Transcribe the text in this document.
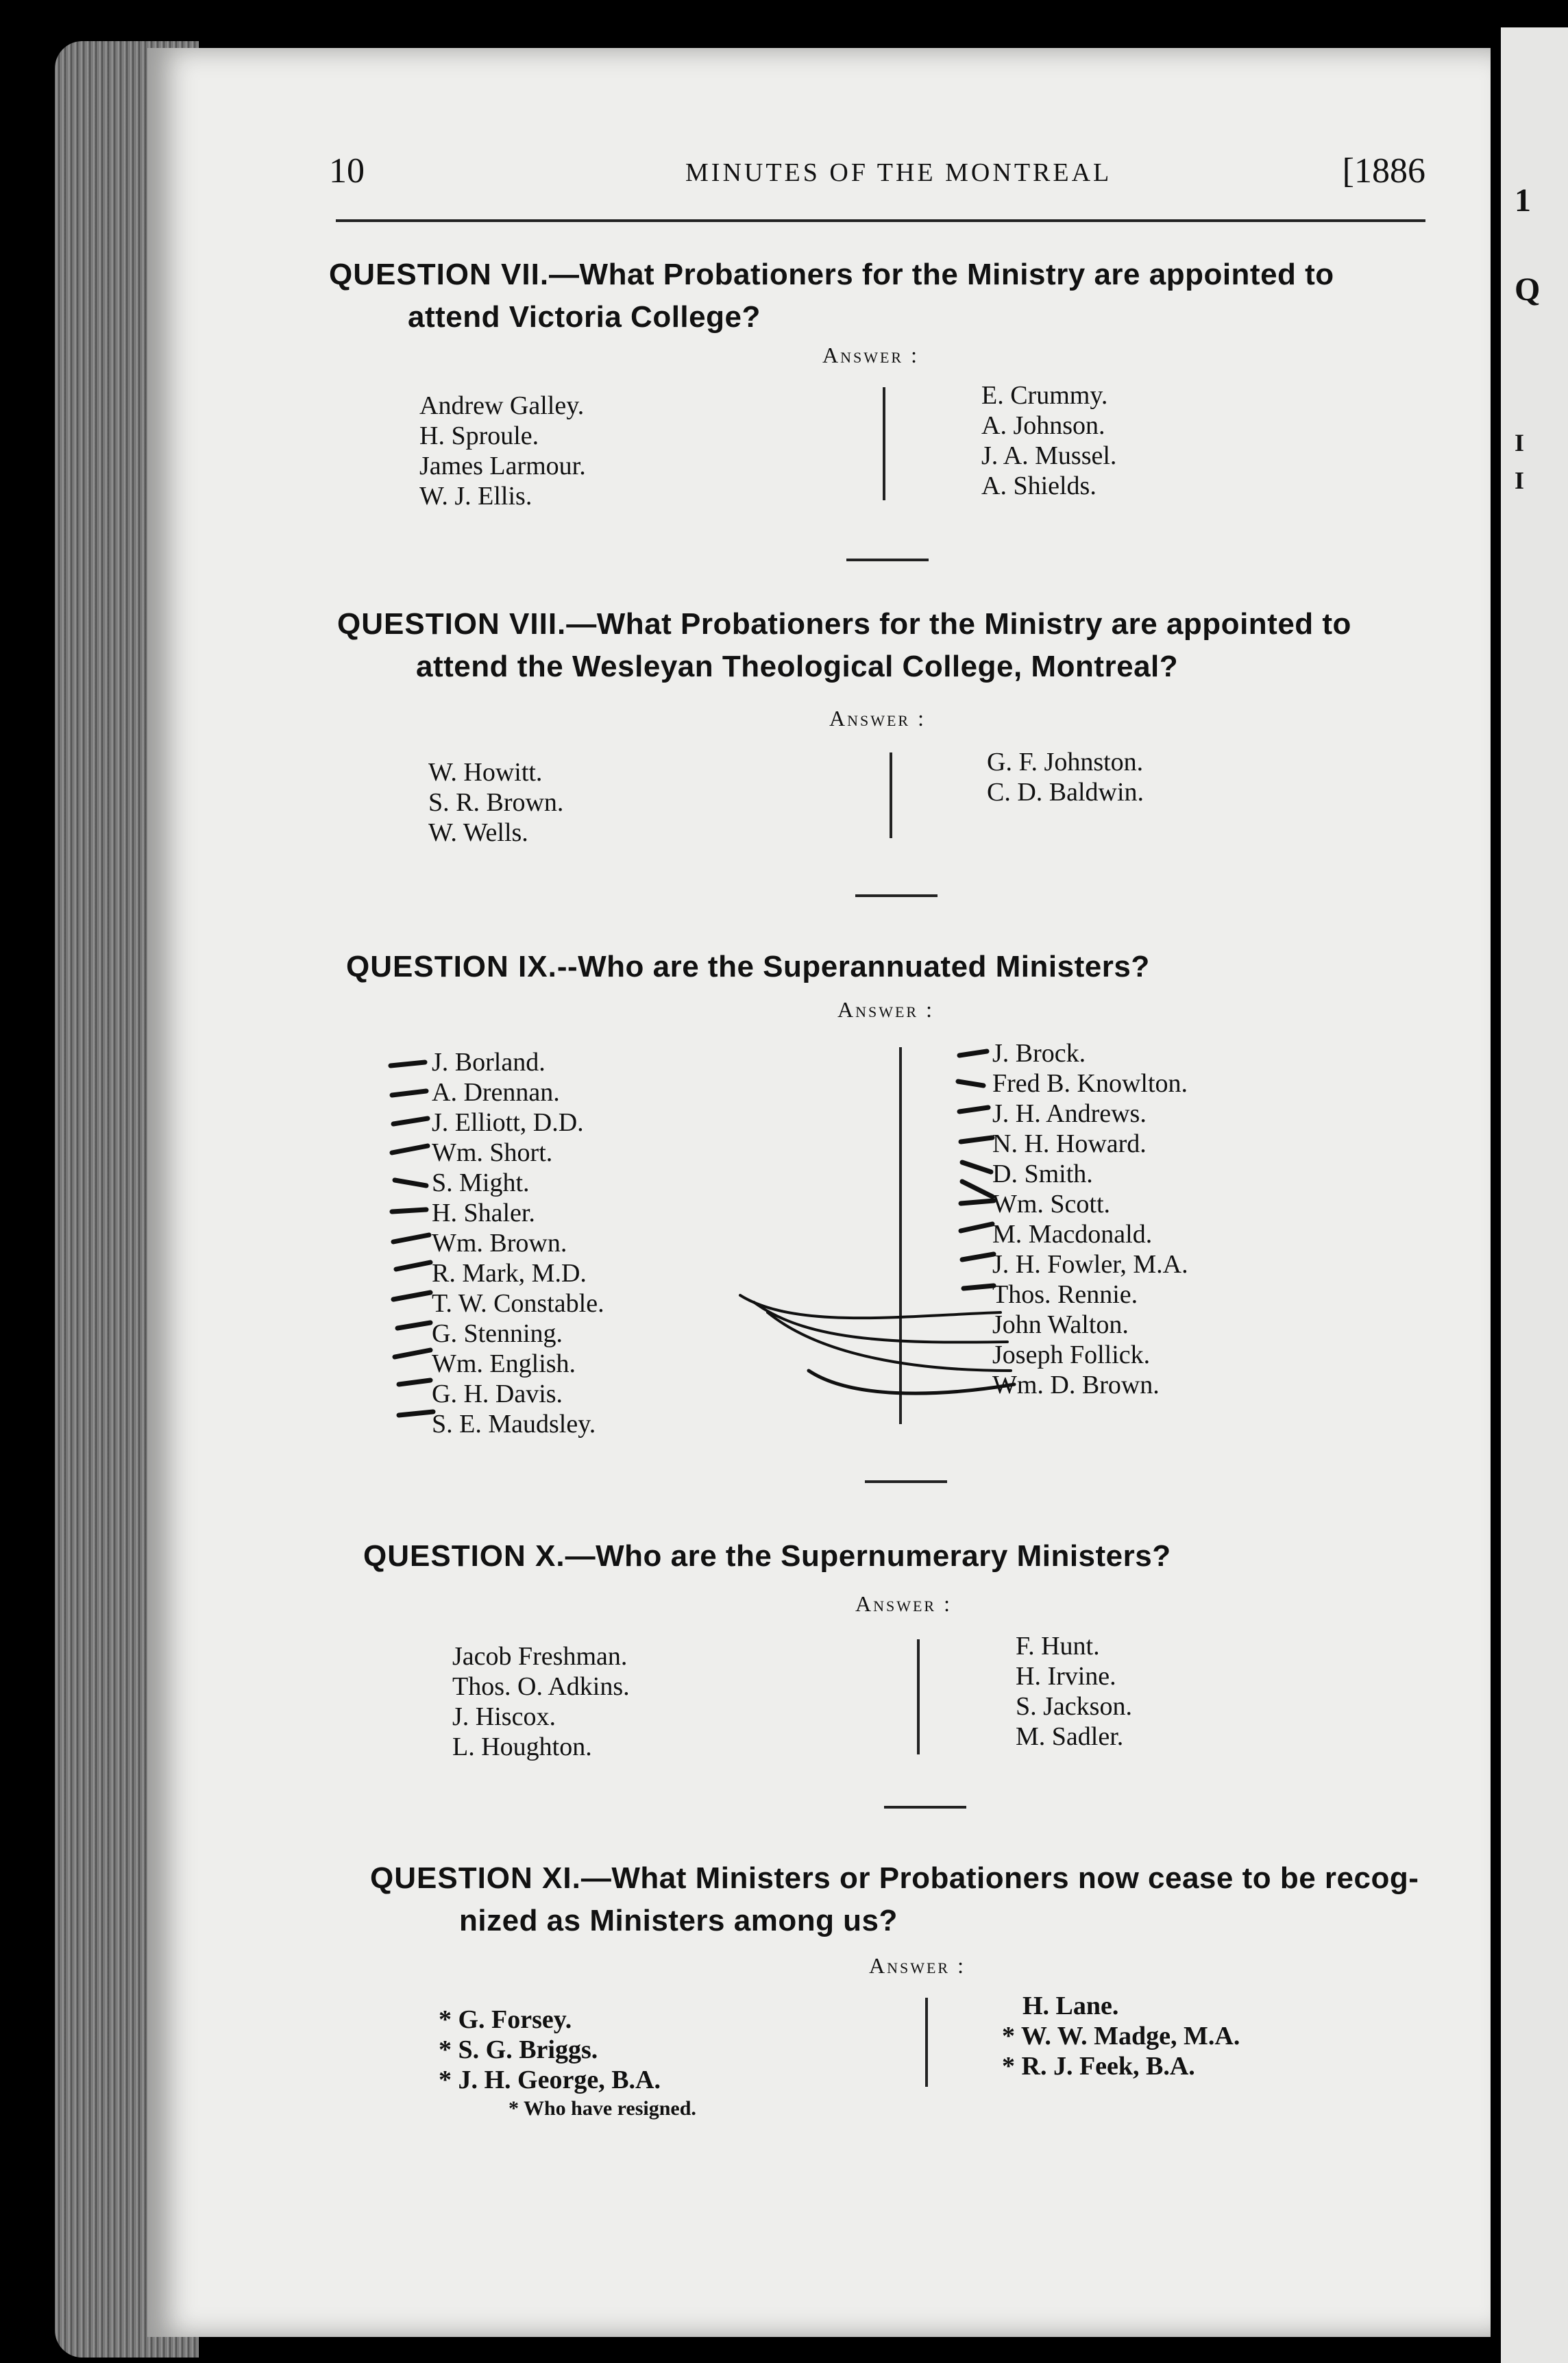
1
Q
I
I
10	MINUTES OF THE MONTREAL	[1886
QUESTION VII.—What Probationers for the Ministry are appointed to
attend Victoria College?
Answer :
Andrew Galley.
H. Sproule.
James Larmour.
W. J. Ellis.
E. Crummy.
A. Johnson.
J. A. Mussel.
A. Shields.
QUESTION VIII.—What Probationers for the Ministry are appointed to
attend the Wesleyan Theological College, Montreal?
Answer :
W. Howitt.
S. R. Brown.
W. Wells.
G. F. Johnston.
C. D. Baldwin.
QUESTION IX.--Who are the Superannuated Ministers?
Answer :
J. Borland.
A. Drennan.
J. Elliott, D.D.
Wm. Short.
S. Might.
H. Shaler.
Wm. Brown.
R. Mark, M.D.
T. W. Constable.
G. Stenning.
Wm. English.
G. H. Davis.
S. E. Maudsley.
J. Brock.
Fred B. Knowlton.
J. H. Andrews.
N. H. Howard.
D. Smith.
Wm. Scott.
M. Macdonald.
J. H. Fowler, M.A.
Thos. Rennie.
John Walton.
Joseph Follick.
Wm. D. Brown.
QUESTION X.—Who are the Supernumerary Ministers?
Answer :
Jacob Freshman.
Thos. O. Adkins.
J. Hiscox.
L. Houghton.
F. Hunt.
H. Irvine.
S. Jackson.
M. Sadler.
QUESTION XI.—What Ministers or Probationers now cease to be recog-
nized as Ministers among us?
Answer :
* G. Forsey.
* S. G. Briggs.
* J. H. George, B.A.
H. Lane.
* W. W. Madge, M.A.
* R. J. Feek, B.A.
* Who have resigned.
